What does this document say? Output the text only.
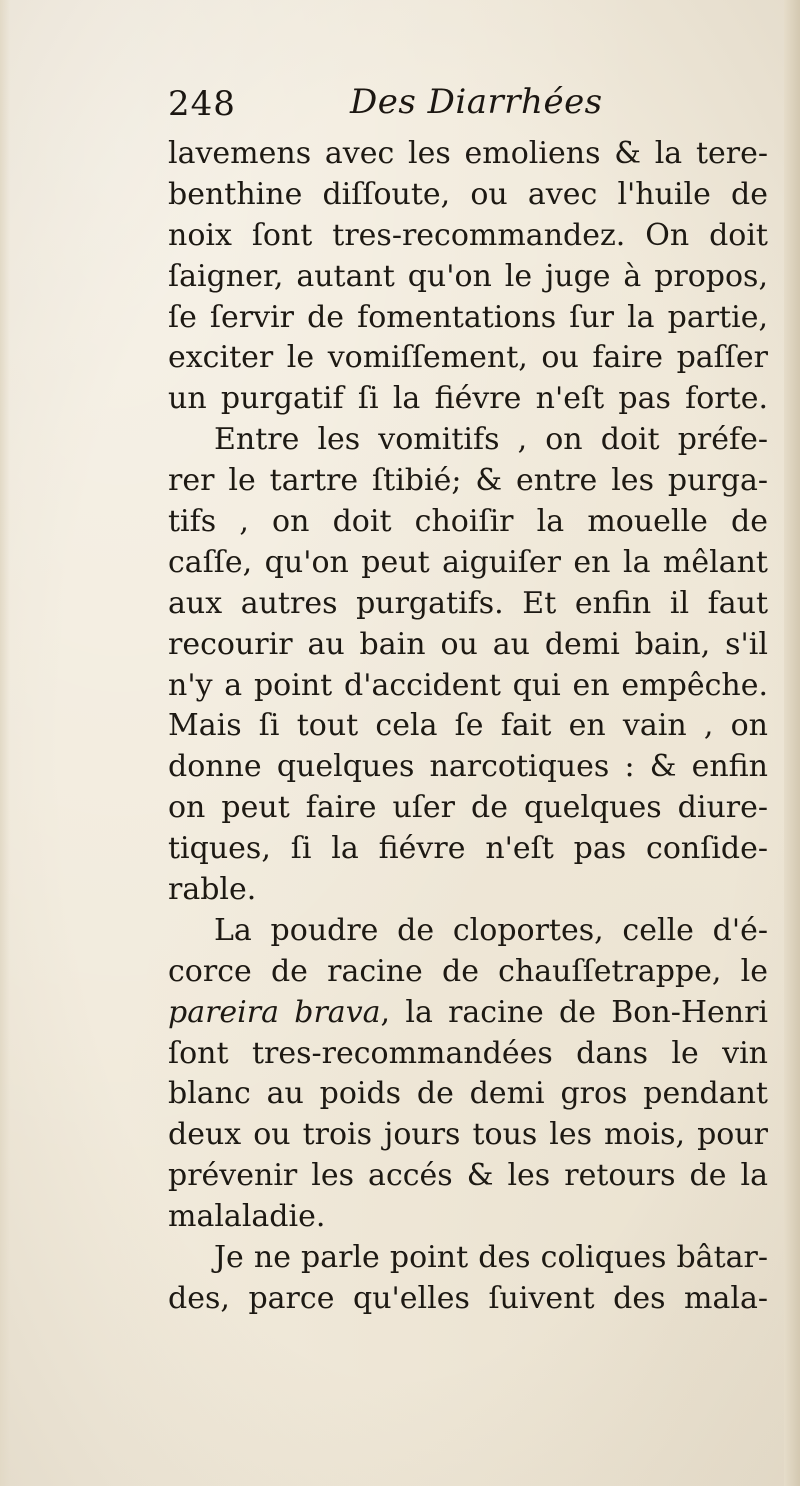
248	Des Diarrhées
lavemens avec les emoliens & la tere-
benthine diſſoute, ou avec l'huile de
noix ſont tres-recommandez. On doit
ſaigner, autant qu'on le juge à propos,
ſe ſervir de fomentations ſur la partie,
exciter le vomiſſement, ou faire paſſer
un purgatif ſi la fiévre n'eſt pas forte.
Entre les vomitifs , on doit préfe-
rer le tartre ſtibié; & entre les purga-
tifs , on doit choiſir la mouelle de
caſſe, qu'on peut aiguiſer en la mêlant
aux autres purgatifs. Et enfin il faut
recourir au bain ou au demi bain, s'il
n'y a point d'accident qui en empêche.
Mais ſi tout cela ſe fait en vain , on
donne quelques narcotiques : & enfin
on peut faire uſer de quelques diure-
tiques, ſi la fiévre n'eſt pas conſide-
rable.
La poudre de cloportes, celle d'é-
corce de racine de chauſſetrappe, le
pareira brava, la racine de Bon-Henri
ſont tres-recommandées dans le vin
blanc au poids de demi gros pendant
deux ou trois jours tous les mois, pour
prévenir les accés & les retours de la
malaladie.
Je ne parle point des coliques bâtar-
des, parce qu'elles ſuivent des mala-
